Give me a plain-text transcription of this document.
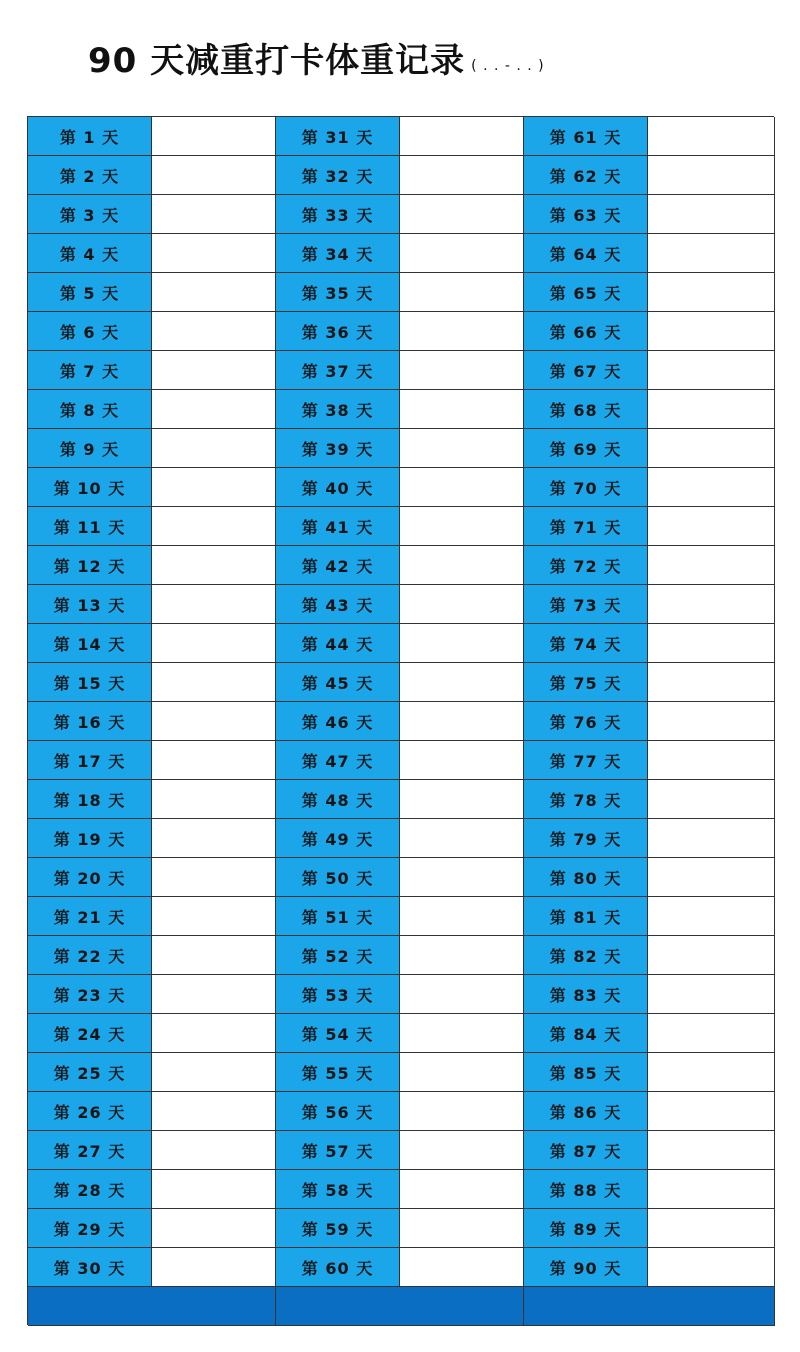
90 天减重打卡体重记录 ( . . - . . )
第 1 天	第 31 天	第 61 天
第 2 天	第 32 天	第 62 天
第 3 天	第 33 天	第 63 天
第 4 天	第 34 天	第 64 天
第 5 天	第 35 天	第 65 天
第 6 天	第 36 天	第 66 天
第 7 天	第 37 天	第 67 天
第 8 天	第 38 天	第 68 天
第 9 天	第 39 天	第 69 天
第 10 天	第 40 天	第 70 天
第 11 天	第 41 天	第 71 天
第 12 天	第 42 天	第 72 天
第 13 天	第 43 天	第 73 天
第 14 天	第 44 天	第 74 天
第 15 天	第 45 天	第 75 天
第 16 天	第 46 天	第 76 天
第 17 天	第 47 天	第 77 天
第 18 天	第 48 天	第 78 天
第 19 天	第 49 天	第 79 天
第 20 天	第 50 天	第 80 天
第 21 天	第 51 天	第 81 天
第 22 天	第 52 天	第 82 天
第 23 天	第 53 天	第 83 天
第 24 天	第 54 天	第 84 天
第 25 天	第 55 天	第 85 天
第 26 天	第 56 天	第 86 天
第 27 天	第 57 天	第 87 天
第 28 天	第 58 天	第 88 天
第 29 天	第 59 天	第 89 天
第 30 天	第 60 天	第 90 天
